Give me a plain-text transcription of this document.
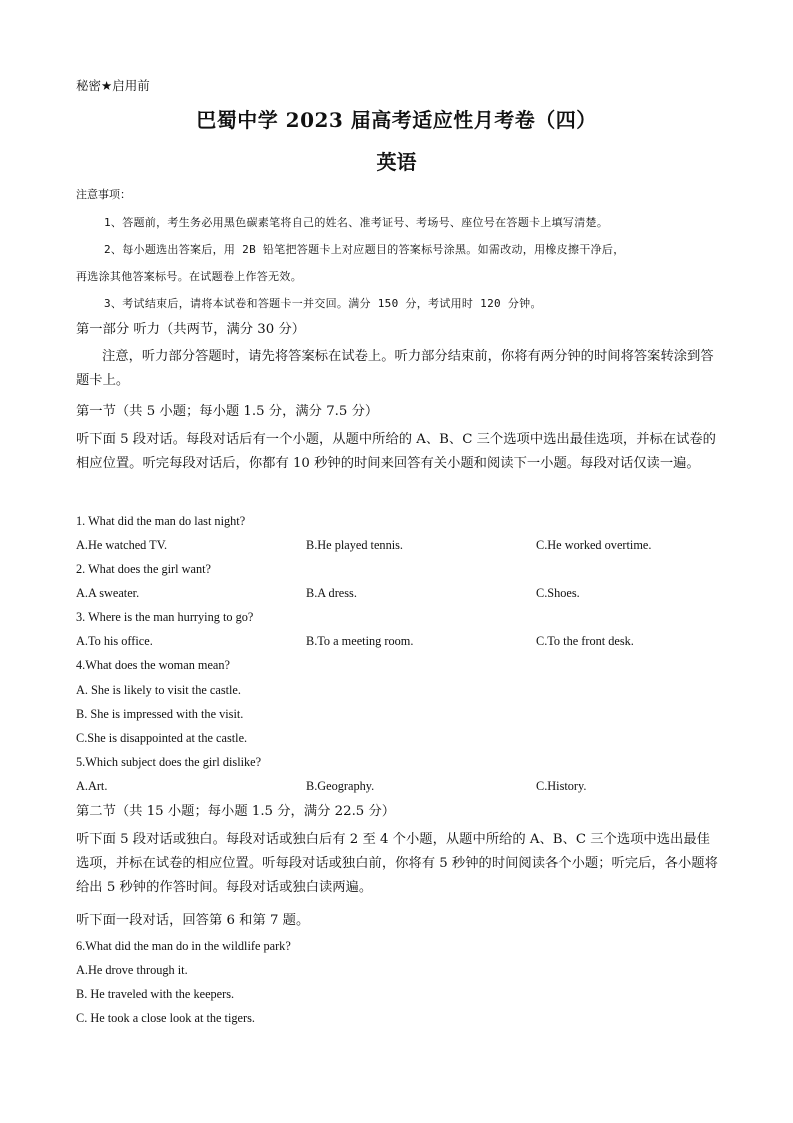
秘密★启用前
巴蜀中学 2023 届高考适应性月考卷（四）
英语
注意事项：
1、答题前，考生务必用黑色碳素笔将自己的姓名、准考证号、考场号、座位号在答题卡上填写清楚。
2、每小题选出答案后，用 2B 铅笔把答题卡上对应题目的答案标号涂黑。如需改动，用橡皮擦干净后，
再选涂其他答案标号。在试题卷上作答无效。
3、考试结束后，请将本试卷和答题卡一并交回。满分 150 分，考试用时 120 分钟。
第一部分 听力（共两节，满分 30 分）

注意，听力部分答题时，请先将答案标在试卷上。听力部分结束前，你将有两分钟的时间将答案转涂到答题卡上。

第一节（共 5 小题；每小题 1.5 分，满分 7.5 分）

听下面 5 段对话。每段对话后有一个小题，从题中所给的 A、B、C 三个选项中选出最佳选项，并标在试卷的相应位置。听完每段对话后，你都有 10 秒钟的时间来回答有关小题和阅读下一小题。每段对话仅读一遍。

1. What did the man do last night?
A.He watched TV.	B.He played tennis.	C.He worked overtime.
2. What does the girl want?
A.A sweater.	B.A dress.	C.Shoes.
3. Where is the man hurrying to go?
A.To his office.	B.To a meeting room.	C.To the front desk.
4.What does the woman mean?
A. She is likely to visit the castle.
B. She is impressed with the visit.
C.She is disappointed at the castle.
5.Which subject does the girl dislike?
A.Art.	B.Geography.	C.History.
第二节（共 15 小题；每小题 1.5 分，满分 22.5 分）

听下面 5 段对话或独白。每段对话或独白后有 2 至 4 个小题，从题中所给的 A、B、C 三个选项中选出最佳选项，并标在试卷的相应位置。听每段对话或独白前，你将有 5 秒钟的时间阅读各个小题；听完后，各小题将给出 5 秒钟的作答时间。每段对话或独白读两遍。

听下面一段对话，回答第 6 和第 7 题。
6.What did the man do in the wildlife park?
A.He drove through it.
B. He traveled with the keepers.
C. He took a close look at the tigers.
